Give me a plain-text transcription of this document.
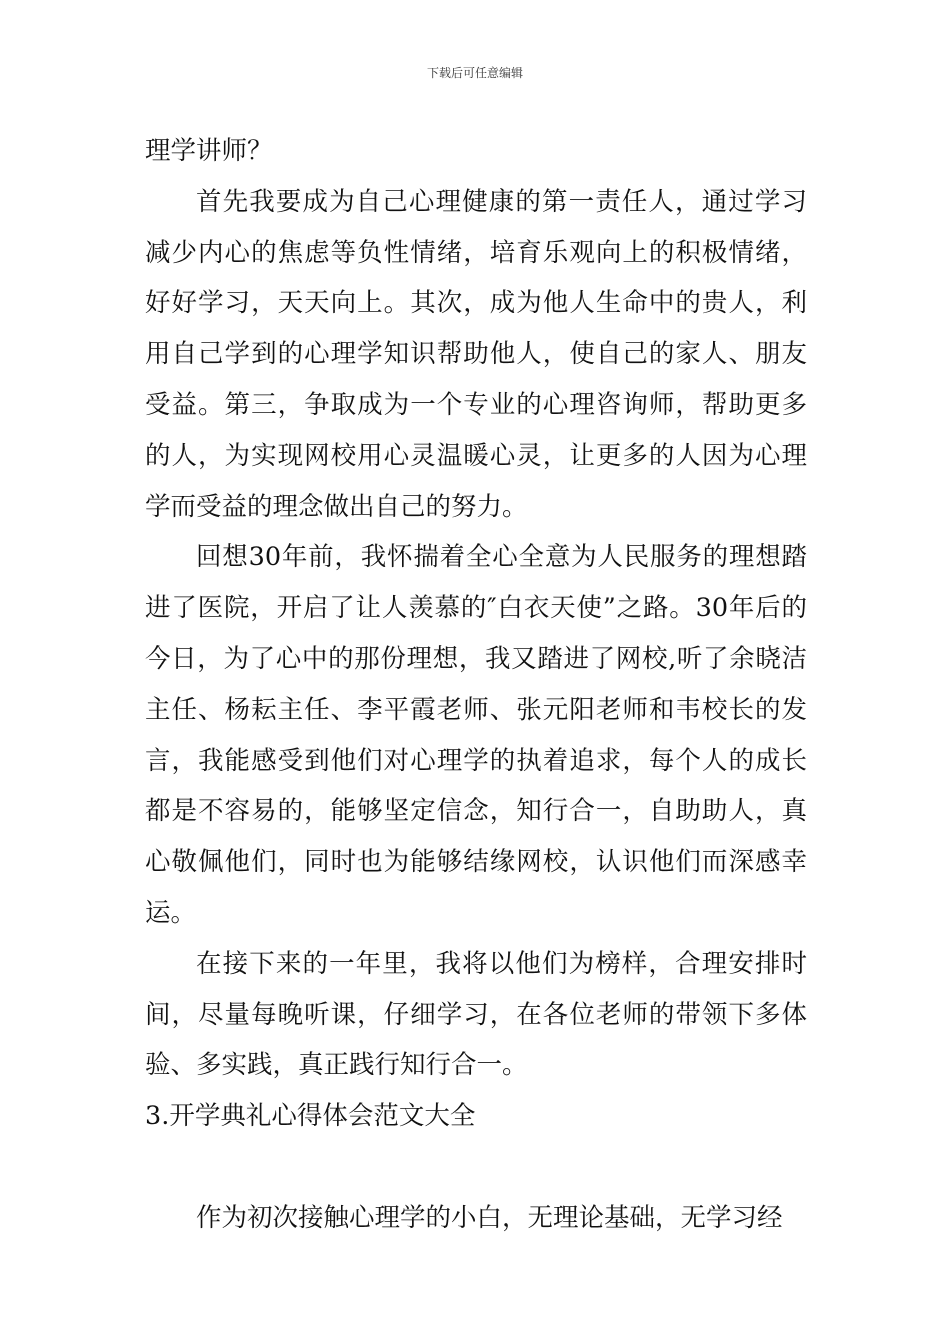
下载后可任意编辑

理学讲师？

首先我要成为自己心理健康的第一责任人，通过学习减少内心的焦虑等负性情绪，培育乐观向上的积极情绪，好好学习，天天向上。其次，成为他人生命中的贵人，利用自己学到的心理学知识帮助他人，使自己的家人、朋友受益。第三，争取成为一个专业的心理咨询师，帮助更多的人，为实现网校用心灵温暖心灵，让更多的人因为心理学而受益的理念做出自己的努力。

回想30年前，我怀揣着全心全意为人民服务的理想踏进了医院，开启了让人羡慕的″白衣天使”之路。30年后的今日，为了心中的那份理想，我又踏进了网校,听了余晓洁主任、杨耘主任、李平霞老师、张元阳老师和韦校长的发言，我能感受到他们对心理学的执着追求，每个人的成长都是不容易的，能够坚定信念，知行合一，自助助人，真心敬佩他们，同时也为能够结缘网校，认识他们而深感幸运。

在接下来的一年里，我将以他们为榜样，合理安排时间，尽量每晚听课，仔细学习，在各位老师的带领下多体验、多实践，真正践行知行合一。

3.开学典礼心得体会范文大全

作为初次接触心理学的小白，无理论基础，无学习经
